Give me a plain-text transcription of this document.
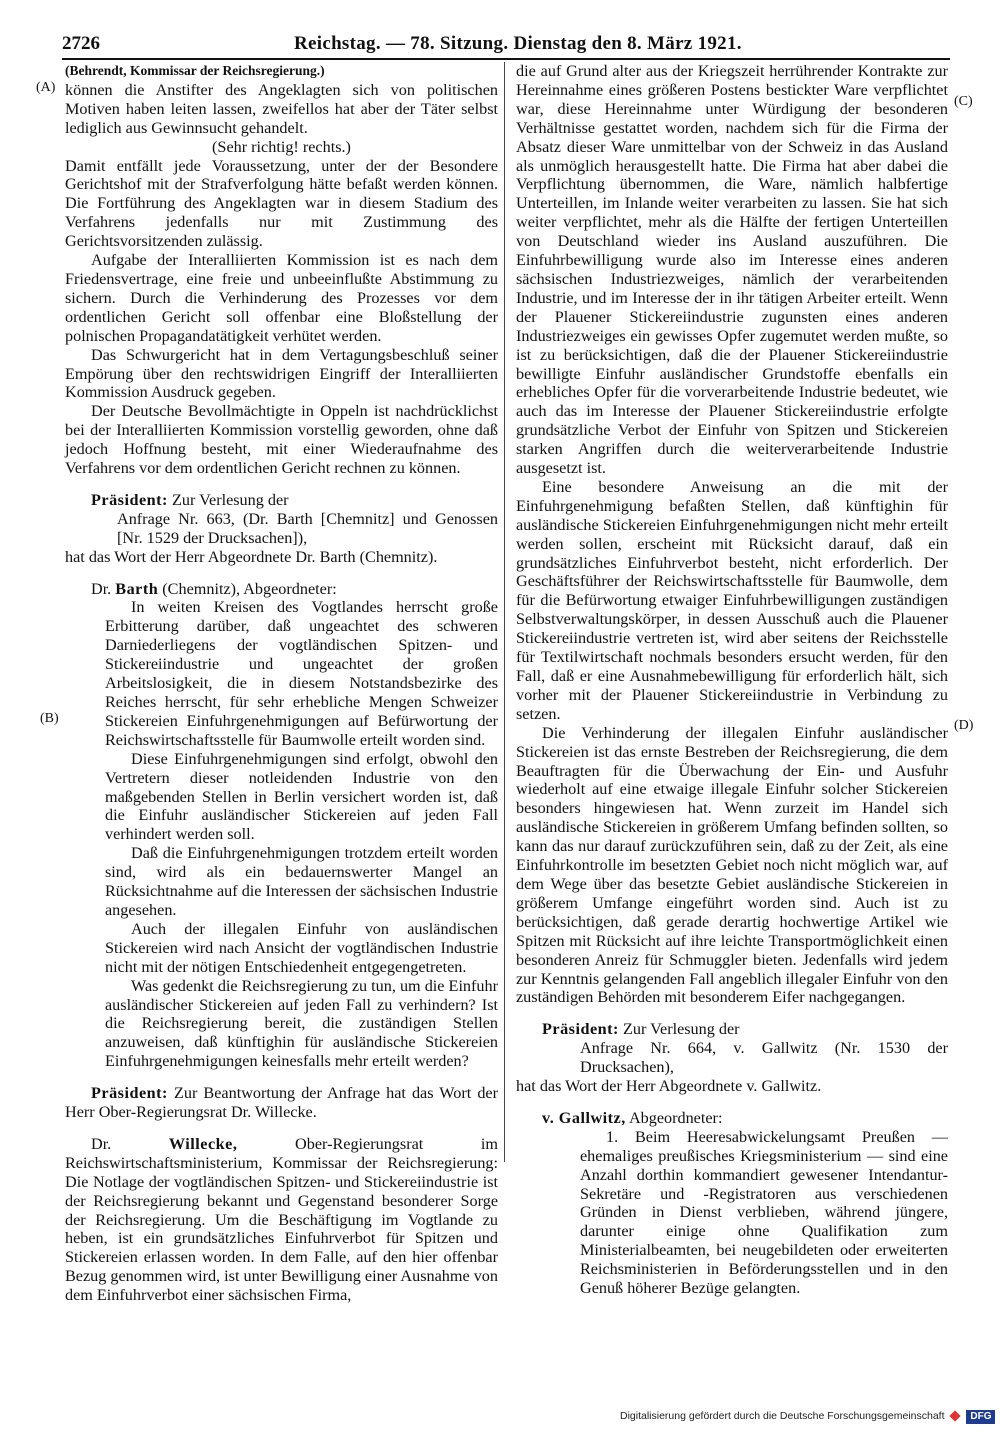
2726	Reichstag. — 78. Sitzung. Dienstag den 8. März 1921.
(A)
(B)
(C)
(D)

(Behrendt, Kommissar der Reichsregierung.)

können die Anstifter des Angeklagten sich von politischen Motiven haben leiten lassen, zweifellos hat aber der Täter selbst lediglich aus Gewinnsucht gehandelt.

(Sehr richtig! rechts.)

Damit entfällt jede Voraussetzung, unter der der Besondere Gerichtshof mit der Strafverfolgung hätte befaßt werden können. Die Fortführung des Angeklagten war in diesem Stadium des Verfahrens jedenfalls nur mit Zustimmung des Gerichtsvorsitzenden zulässig.

Aufgabe der Interalliierten Kommission ist es nach dem Friedensvertrage, eine freie und unbeeinflußte Abstimmung zu sichern. Durch die Verhinderung des Prozesses vor dem ordentlichen Gericht soll offenbar eine Bloßstellung der polnischen Propagandatätigkeit verhütet werden.

Das Schwurgericht hat in dem Vertagungsbeschluß seiner Empörung über den rechtswidrigen Eingriff der Interalliierten Kommission Ausdruck gegeben.

Der Deutsche Bevollmächtigte in Oppeln ist nachdrücklichst bei der Interalliierten Kommission vorstellig geworden, ohne daß jedoch Hoffnung besteht, mit einer Wiederaufnahme des Verfahrens vor dem ordentlichen Gericht rechnen zu können.

Präsident: Zur Verlesung der

Anfrage Nr. 663, (Dr. Barth [Chemnitz] und Genossen [Nr. 1529 der Drucksachen]),

hat das Wort der Herr Abgeordnete Dr. Barth (Chemnitz).

Dr. Barth (Chemnitz), Abgeordneter:

In weiten Kreisen des Vogtlandes herrscht große Erbitterung darüber, daß ungeachtet des schweren Darniederliegens der vogtländischen Spitzen- und Stickereiindustrie und ungeachtet der großen Arbeitslosigkeit, die in diesem Notstandsbezirke des Reiches herrscht, für sehr erhebliche Mengen Schweizer Stickereien Einfuhrgenehmigungen auf Befürwortung der Reichswirtschaftsstelle für Baumwolle erteilt worden sind.

Diese Einfuhrgenehmigungen sind erfolgt, obwohl den Vertretern dieser notleidenden Industrie von den maßgebenden Stellen in Berlin versichert worden ist, daß die Einfuhr ausländischer Stickereien auf jeden Fall verhindert werden soll.

Daß die Einfuhrgenehmigungen trotzdem erteilt worden sind, wird als ein bedauernswerter Mangel an Rücksichtnahme auf die Interessen der sächsischen Industrie angesehen.

Auch der illegalen Einfuhr von ausländischen Stickereien wird nach Ansicht der vogtländischen Industrie nicht mit der nötigen Entschiedenheit entgegengetreten.

Was gedenkt die Reichsregierung zu tun, um die Einfuhr ausländischer Stickereien auf jeden Fall zu verhindern? Ist die Reichsregierung bereit, die zuständigen Stellen anzuweisen, daß künftighin für ausländische Stickereien Einfuhrgenehmigungen keinesfalls mehr erteilt werden?

Präsident: Zur Beantwortung der Anfrage hat das Wort der Herr Ober-Regierungsrat Dr. Willecke.

Dr.	Willecke,	Ober-Regierungsrat im Reichswirtschaftsministerium, Kommissar der Reichsregierung: Die Notlage der vogtländischen Spitzen- und Stickereiindustrie ist der Reichsregierung bekannt und Gegenstand besonderer Sorge der Reichsregierung. Um die Beschäftigung im Vogtlande zu heben, ist ein grundsätzliches Einfuhrverbot für Spitzen und Stickereien erlassen worden. In dem Falle, auf den hier offenbar Bezug genommen wird, ist unter Bewilligung einer Ausnahme von dem Einfuhrverbot einer sächsischen Firma,

die auf Grund alter aus der Kriegszeit herrührender Kontrakte zur Hereinnahme eines größeren Postens bestickter Ware verpflichtet war, diese Hereinnahme unter Würdigung der besonderen Verhältnisse gestattet worden, nachdem sich für die Firma der Absatz dieser Ware unmittelbar von der Schweiz in das Ausland als unmöglich herausgestellt hatte. Die Firma hat aber dabei die Verpflichtung übernommen, die Ware, nämlich halbfertige Unterteillen, im Inlande weiter verarbeiten zu lassen. Sie hat sich weiter verpflichtet, mehr als die Hälfte der fertigen Unterteillen von Deutschland wieder ins Ausland auszuführen. Die Einfuhrbewilligung wurde also im Interesse eines anderen sächsischen Industriezweiges, nämlich der verarbeitenden Industrie, und im Interesse der in ihr tätigen Arbeiter erteilt. Wenn der Plauener Stickereiindustrie zugunsten eines anderen Industriezweiges ein gewisses Opfer zugemutet werden mußte, so ist zu berücksichtigen, daß die der Plauener Stickereiindustrie bewilligte Einfuhr ausländischer Grundstoffe ebenfalls ein erhebliches Opfer für die vorverarbeitende Industrie bedeutet, wie auch das im Interesse der Plauener Stickereiindustrie erfolgte grundsätzliche Verbot der Einfuhr von Spitzen und Stickereien starken Angriffen durch die weiterverarbeitende Industrie ausgesetzt ist.

Eine besondere Anweisung an die mit der Einfuhrgenehmigung befaßten Stellen, daß künftighin für ausländische Stickereien Einfuhrgenehmigungen nicht mehr erteilt werden sollen, erscheint mit Rücksicht darauf, daß ein grundsätzliches Einfuhrverbot besteht, nicht erforderlich. Der Geschäftsführer der Reichswirtschaftsstelle für Baumwolle, dem für die Befürwortung etwaiger Einfuhrbewilligungen zuständigen Selbstverwaltungskörper, in dessen Ausschuß auch die Plauener Stickereiindustrie vertreten ist, wird aber seitens der Reichsstelle für Textilwirtschaft nochmals besonders ersucht werden, für den Fall, daß er eine Ausnahmebewilligung für erforderlich hält, sich vorher mit der Plauener Stickereiindustrie in Verbindung zu setzen.

Die Verhinderung der illegalen Einfuhr ausländischer Stickereien ist das ernste Bestreben der Reichsregierung, die dem Beauftragten für die Überwachung der Ein- und Ausfuhr wiederholt auf eine etwaige illegale Einfuhr solcher Stickereien besonders hingewiesen hat. Wenn zurzeit im Handel sich ausländische Stickereien in größerem Umfang befinden sollten, so kann das nur darauf zurückzuführen sein, daß zu der Zeit, als eine Einfuhrkontrolle im besetzten Gebiet noch nicht möglich war, auf dem Wege über das besetzte Gebiet ausländische Stickereien in größerem Umfange eingeführt worden sind. Auch ist zu berücksichtigen, daß gerade derartig hochwertige Artikel wie Spitzen mit Rücksicht auf ihre leichte Transportmöglichkeit einen besonderen Anreiz für Schmuggler bieten. Jedenfalls wird jedem zur Kenntnis gelangenden Fall angeblich illegaler Einfuhr von den zuständigen Behörden mit besonderem Eifer nachgegangen.

Präsident: Zur Verlesung der

Anfrage Nr. 664, v. Gallwitz (Nr. 1530 der Drucksachen),

hat das Wort der Herr Abgeordnete v. Gallwitz.

v. Gallwitz, Abgeordneter:

1. Beim Heeresabwickelungsamt Preußen — ehemaliges preußisches Kriegsministerium — sind eine Anzahl dorthin kommandiert gewesener Intendantur-Sekretäre und -Registratoren aus verschiedenen Gründen in Dienst verblieben, während jüngere, darunter einige ohne Qualifikation zum Ministerialbeamten, bei neugebildeten oder erweiterten Reichsministerien in Beförderungsstellen und in den Genuß höherer Bezüge gelangten.

Digitalisierung gefördert durch die Deutsche Forschungsgemeinschaft	DFG
